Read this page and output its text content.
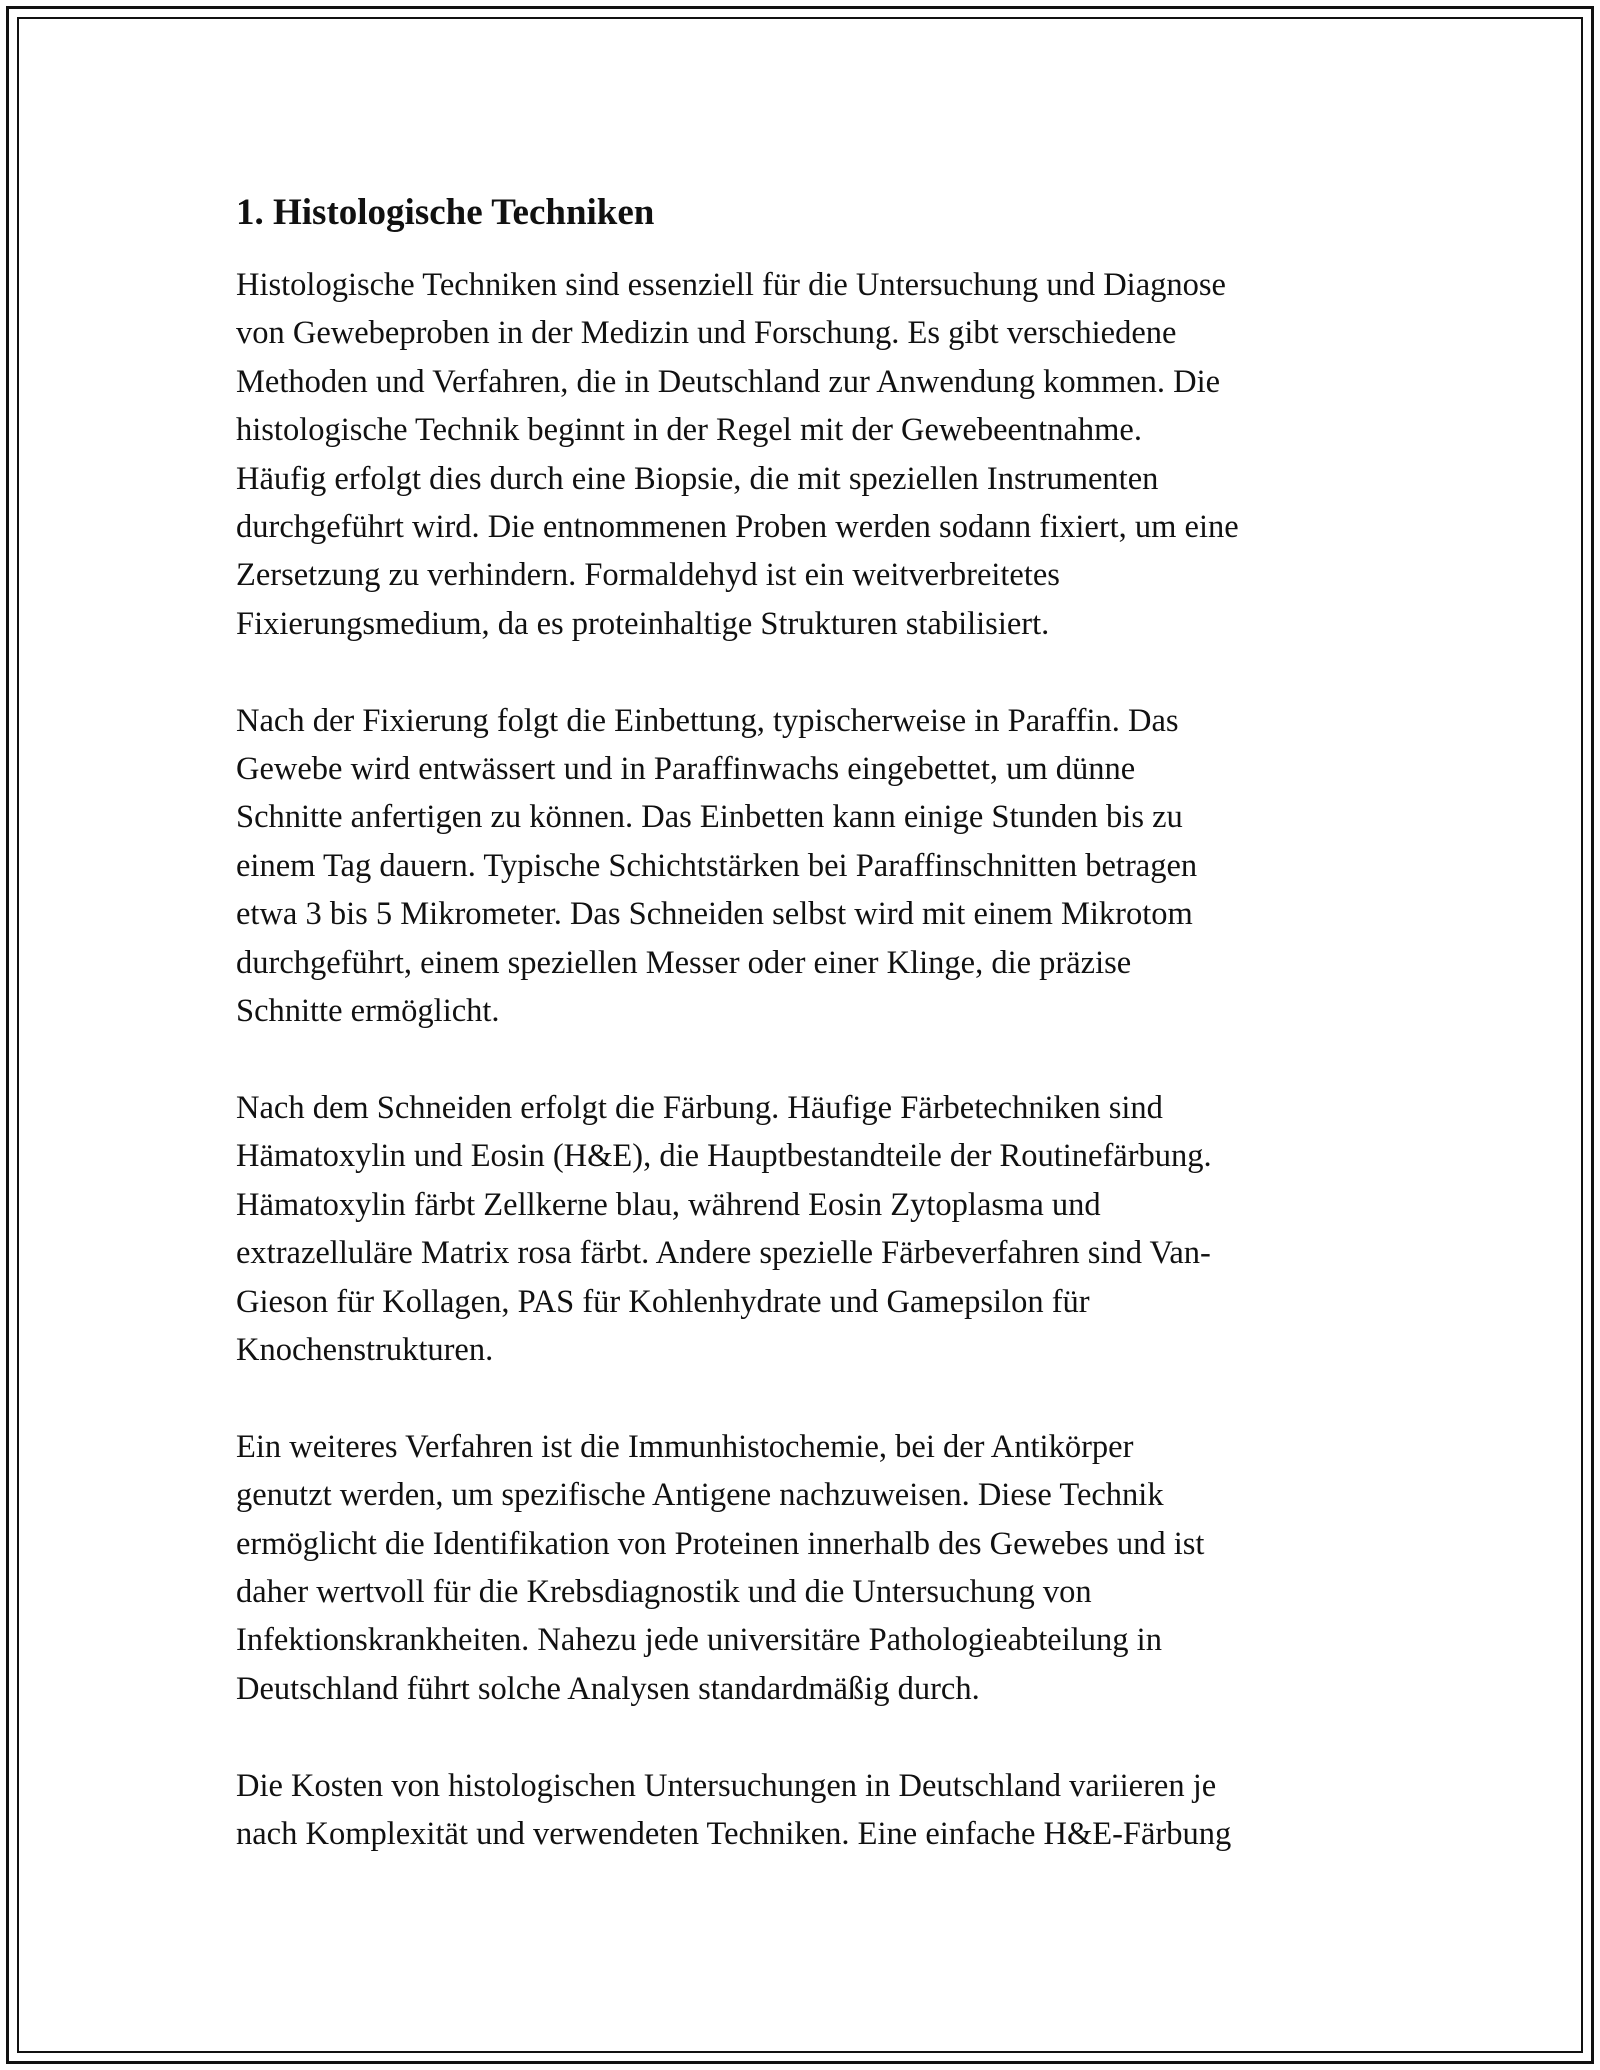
1. Histologische Techniken

Histologische Techniken sind essenziell für die Untersuchung und Diagnose
von Gewebeproben in der Medizin und Forschung. Es gibt verschiedene
Methoden und Verfahren, die in Deutschland zur Anwendung kommen. Die
histologische Technik beginnt in der Regel mit der Gewebeentnahme.
Häufig erfolgt dies durch eine Biopsie, die mit speziellen Instrumenten
durchgeführt wird. Die entnommenen Proben werden sodann fixiert, um eine
Zersetzung zu verhindern. Formaldehyd ist ein weitverbreitetes
Fixierungsmedium, da es proteinhaltige Strukturen stabilisiert.

Nach der Fixierung folgt die Einbettung, typischerweise in Paraffin. Das
Gewebe wird entwässert und in Paraffinwachs eingebettet, um dünne
Schnitte anfertigen zu können. Das Einbetten kann einige Stunden bis zu
einem Tag dauern. Typische Schichtstärken bei Paraffinschnitten betragen
etwa 3 bis 5 Mikrometer. Das Schneiden selbst wird mit einem Mikrotom
durchgeführt, einem speziellen Messer oder einer Klinge, die präzise
Schnitte ermöglicht.

Nach dem Schneiden erfolgt die Färbung. Häufige Färbetechniken sind
Hämatoxylin und Eosin (H&E), die Hauptbestandteile der Routinefärbung.
Hämatoxylin färbt Zellkerne blau, während Eosin Zytoplasma und
extrazelluläre Matrix rosa färbt. Andere spezielle Färbeverfahren sind Van-
Gieson für Kollagen, PAS für Kohlenhydrate und Gamepsilon für
Knochenstrukturen.

Ein weiteres Verfahren ist die Immunhistochemie, bei der Antikörper
genutzt werden, um spezifische Antigene nachzuweisen. Diese Technik
ermöglicht die Identifikation von Proteinen innerhalb des Gewebes und ist
daher wertvoll für die Krebsdiagnostik und die Untersuchung von
Infektionskrankheiten. Nahezu jede universitäre Pathologieabteilung in
Deutschland führt solche Analysen standardmäßig durch.

Die Kosten von histologischen Untersuchungen in Deutschland variieren je
nach Komplexität und verwendeten Techniken. Eine einfache H&E-Färbung
